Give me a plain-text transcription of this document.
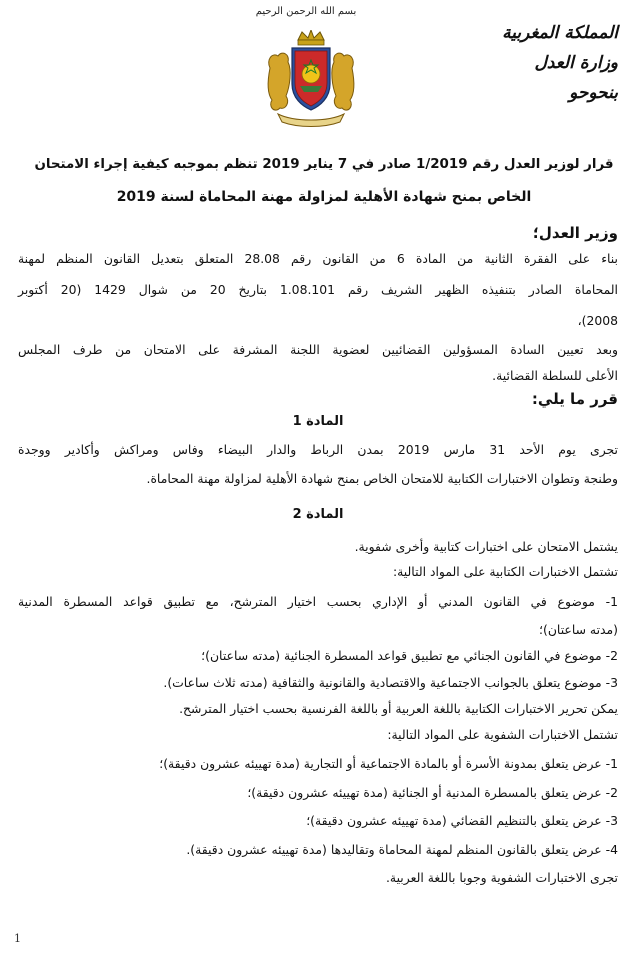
بسم الله الرحمن الرحيم
المملكة المغربية
وزارة العدل
بنحوحو
قرار لوزير العدل رقم 1/2019 صادر في 7 يناير 2019 تنظم بموجبه كيفية إجراء الامتحان الخاص بمنح شهادة الأهلية لمزاولة مهنة المحاماة لسنة 2019
وزير العدل؛
بناء على الفقرة الثانية من المادة 6 من القانون رقم 28.08 المتعلق بتعديل القانون المنظم لمهنة
المحاماة الصادر بتنفيذه الظهير الشريف رقم 1.08.101 بتاريخ 20 من شوال 1429 (20 أكتوبر
2008)،
وبعد تعيين السادة المسؤولين القضائيين لعضوية اللجنة المشرفة على الامتحان من طرف المجلس
الأعلى للسلطة القضائية.
قرر ما يلي:
المادة 1
تجرى يوم الأحد 31 مارس 2019 بمدن الرباط والدار البيضاء وفاس ومراكش وأكادير ووجدة
وطنجة وتطوان الاختبارات الكتابية للامتحان الخاص بمنح شهادة الأهلية لمزاولة مهنة المحاماة.
المادة 2
يشتمل الامتحان على اختبارات كتابية وأخرى شفوية.
تشتمل الاختبارات الكتابية على المواد التالية:
1- موضوع في القانون المدني أو الإداري بحسب اختيار المترشح، مع تطبيق قواعد المسطرة المدنية
(مدته ساعتان)؛
2- موضوع في القانون الجنائي مع تطبيق قواعد المسطرة الجنائية (مدته ساعتان)؛
3- موضوع يتعلق بالجوانب الاجتماعية والاقتصادية والقانونية والثقافية (مدته ثلاث ساعات).
يمكن تحرير الاختبارات الكتابية باللغة العربية أو باللغة الفرنسية بحسب اختيار المترشح.
تشتمل الاختبارات الشفوية على المواد التالية:
1- عرض يتعلق بمدونة الأسرة أو بالمادة الاجتماعية أو التجارية (مدة تهييئه عشرون دقيقة)؛
2- عرض يتعلق بالمسطرة المدنية أو الجنائية (مدة تهييئه عشرون دقيقة)؛
3- عرض يتعلق بالتنظيم القضائي (مدة تهييئه عشرون دقيقة)؛
4- عرض يتعلق بالقانون المنظم لمهنة المحاماة وتقاليدها (مدة تهييئه عشرون دقيقة).
تجرى الاختبارات الشفوية وجوبا باللغة العربية.
1
